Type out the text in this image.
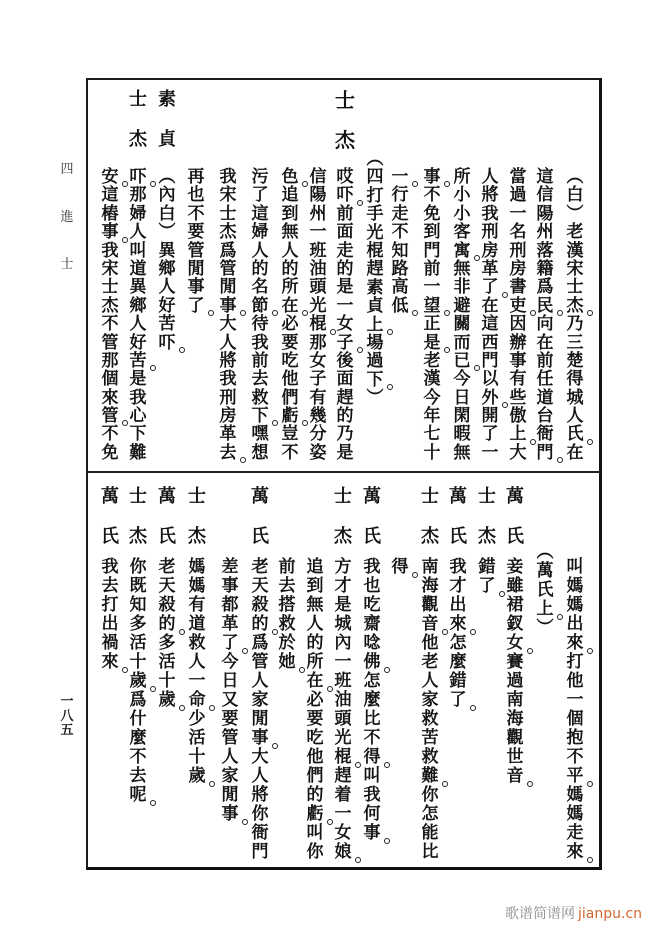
四
進
士
一
八
五
士
杰
素
貞
士
杰
︵
白
︶
老
漢
宋
士
杰
乃
三
楚
得
城
人
氏
在
這
信
陽
州
落
籍
爲
民
向
在
前
任
道
台
衙
門
當
過
一
名
刑
房
書
吏
因
辦
事
有
些
傲
上
大
人
將
我
刑
房
革
了
在
這
西
門
以
外
開
了
一
所
小
小
客
寓
無
非
避
關
而
已
今
日
閑
暇
無
事
不
免
到
門
前
一
望
正
是
老
漢
今
年
七
十
一
行
走
不
知
路
高
低
︵
四
打
手
光
棍
趕
素
貞
上
場
過
下
︶
哎
吓
前
面
走
的
是
一
女
子
後
面
趕
的
乃
是
信
陽
州
一
班
油
頭
光
棍
那
女
子
有
幾
分
姿
色
追
到
無
人
的
所
在
必
要
吃
他
們
虧
豈
不
污
了
這
婦
人
的
名
節
待
我
前
去
救
下
嘿
想
我
宋
士
杰
爲
管
閒
事
大
人
將
我
刑
房
革
去
再
也
不
要
管
閒
事
了
︵
內
白
︶
異
鄉
人
好
苦
吓
吓
那
婦
人
叫
道
異
鄉
人
好
苦
是
我
心
下
難
安
這
樁
事
我
宋
士
杰
不
管
那
個
來
管
不
免
萬
氏
士
杰
萬
氏
士
杰
萬
氏
士
杰
萬
氏
士
杰
萬
氏
士
杰
萬
氏
叫
媽
媽
出
來
打
他
一
個
抱
不
平
媽
媽
走
來
︵
萬
氏
上
︶
妾
雖
裙
釵
女
賽
過
南
海
觀
世
音
錯
了
我
才
出
來
怎
麼
錯
了
南
海
觀
音
他
老
人
家
救
苦
救
難
你
怎
能
比
得
我
也
吃
齋
唸
佛
怎
麼
比
不
得
叫
我
何
事
方
才
是
城
內
一
班
油
頭
光
棍
趕
着
一
女
娘
追
到
無
人
的
所
在
必
要
吃
他
們
的
虧
叫
你
前
去
搭
救
於
她
老
天
殺
的
爲
管
人
家
閒
事
大
人
將
你
衙
門
差
事
都
革
了
今
日
又
要
管
人
家
閒
事
媽
媽
有
道
救
人
一
命
少
活
十
歲
老
天
殺
的
多
活
十
歲
你
既
知
多
活
十
歲
爲
什
麼
不
去
呢
我
去
打
出
禍
來
歌谱简谱网 jianpu.cn
